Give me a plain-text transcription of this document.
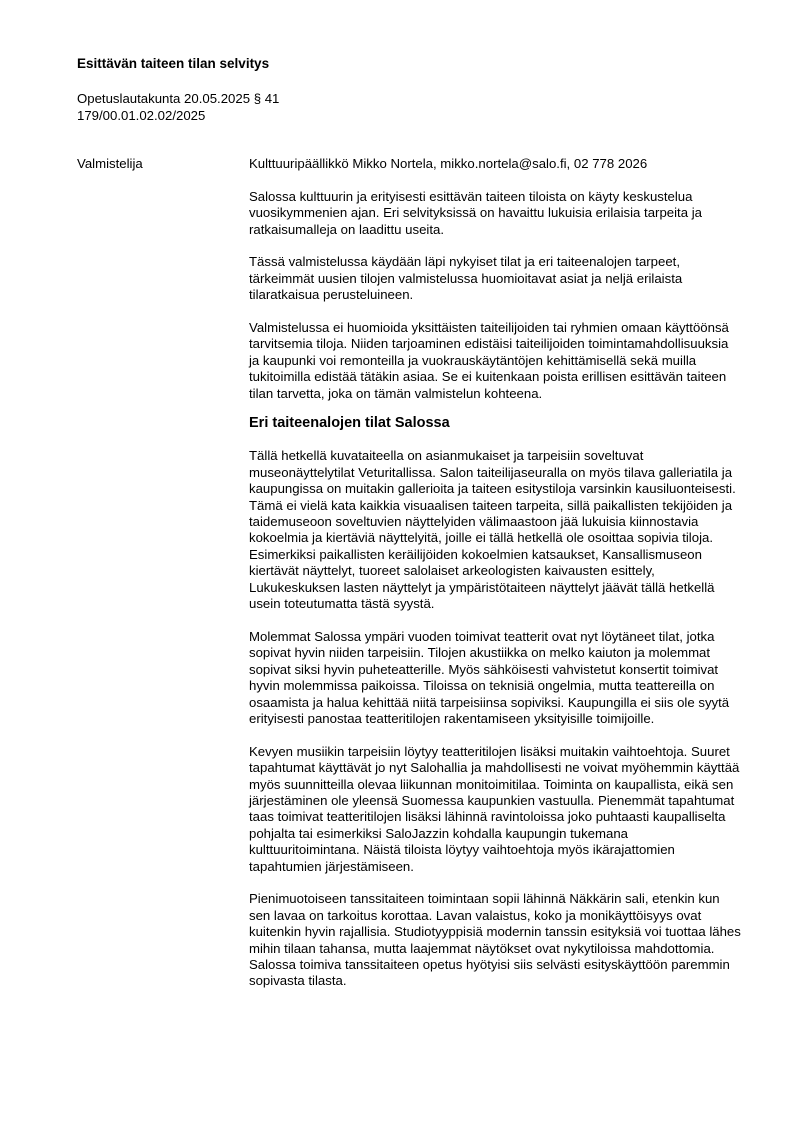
Esittävän taiteen tilan selvitys
Opetuslautakunta 20.05.2025 § 41
179/00.01.02.02/2025
Valmistelija	Kulttuuripäällikkö Mikko Nortela, mikko.nortela@salo.fi, 02 778 2026

Salossa kulttuurin ja erityisesti esittävän taiteen tiloista on käyty keskustelua vuosikymmenien ajan. Eri selvityksissä on havaittu lukuisia erilaisia tarpeita ja ratkaisumalleja on laadittu useita.

Tässä valmistelussa käydään läpi nykyiset tilat ja eri taiteenalojen tarpeet, tärkeimmät uusien tilojen valmistelussa huomioitavat asiat ja neljä erilaista tilaratkaisua perusteluineen.

Valmistelussa ei huomioida yksittäisten taiteilijoiden tai ryhmien omaan käyttöönsä tarvitsemia tiloja. Niiden tarjoaminen edistäisi taiteilijoiden toimintamahdollisuuksia ja kaupunki voi remonteilla ja vuokrauskäytäntöjen kehittämisellä sekä muilla tukitoimilla edistää tätäkin asiaa. Se ei kuitenkaan poista erillisen esittävän taiteen tilan tarvetta, joka on tämän valmistelun kohteena.

Eri taiteenalojen tilat Salossa

Tällä hetkellä kuvataiteella on asianmukaiset ja tarpeisiin soveltuvat museonäyttelytilat Veturitallissa. Salon taiteilijaseuralla on myös tilava galleriatila ja kaupungissa on muitakin gallerioita ja taiteen esitystiloja varsinkin kausiluonteisesti. Tämä ei vielä kata kaikkia visuaalisen taiteen tarpeita, sillä paikallisten tekijöiden ja taidemuseoon soveltuvien näyttelyiden välimaastoon jää lukuisia kiinnostavia kokoelmia ja kiertäviä näyttelyitä, joille ei tällä hetkellä ole osoittaa sopivia tiloja. Esimerkiksi paikallisten keräilijöiden kokoelmien katsaukset, Kansallismuseon kiertävät näyttelyt, tuoreet salolaiset arkeologisten kaivausten esittely, Lukukeskuksen lasten näyttelyt ja ympäristötaiteen näyttelyt jäävät tällä hetkellä usein toteutumatta tästä syystä.

Molemmat Salossa ympäri vuoden toimivat teatterit ovat nyt löytäneet tilat, jotka sopivat hyvin niiden tarpeisiin. Tilojen akustiikka on melko kaiuton ja molemmat sopivat siksi hyvin puheteatterille. Myös sähköisesti vahvistetut konsertit toimivat hyvin molemmissa paikoissa. Tiloissa on teknisiä ongelmia, mutta teattereilla on osaamista ja halua kehittää niitä tarpeisiinsa sopiviksi. Kaupungilla ei siis ole syytä erityisesti panostaa teatteritilojen rakentamiseen yksityisille toimijoille.

Kevyen musiikin tarpeisiin löytyy teatteritilojen lisäksi muitakin vaihtoehtoja. Suuret tapahtumat käyttävät jo nyt Salohallia ja mahdollisesti ne voivat myöhemmin käyttää myös suunnitteilla olevaa liikunnan monitoimitilaa. Toiminta on kaupallista, eikä sen järjestäminen ole yleensä Suomessa kaupunkien vastuulla. Pienemmät tapahtumat taas toimivat teatteritilojen lisäksi lähinnä ravintoloissa joko puhtaasti kaupalliselta pohjalta tai esimerkiksi SaloJazzin kohdalla kaupungin tukemana kulttuuritoimintana. Näistä tiloista löytyy vaihtoehtoja myös ikärajattomien tapahtumien järjestämiseen.

Pienimuotoiseen tanssitaiteen toimintaan sopii lähinnä Näkkärin sali, etenkin kun sen lavaa on tarkoitus korottaa. Lavan valaistus, koko ja monikäyttöisyys ovat kuitenkin hyvin rajallisia. Studiotyyppisiä modernin tanssin esityksiä voi tuottaa lähes mihin tilaan tahansa, mutta laajemmat näytökset ovat nykytiloissa mahdottomia. Salossa toimiva tanssitaiteen opetus hyötyisi siis selvästi esityskäyttöön paremmin sopivasta tilasta.
